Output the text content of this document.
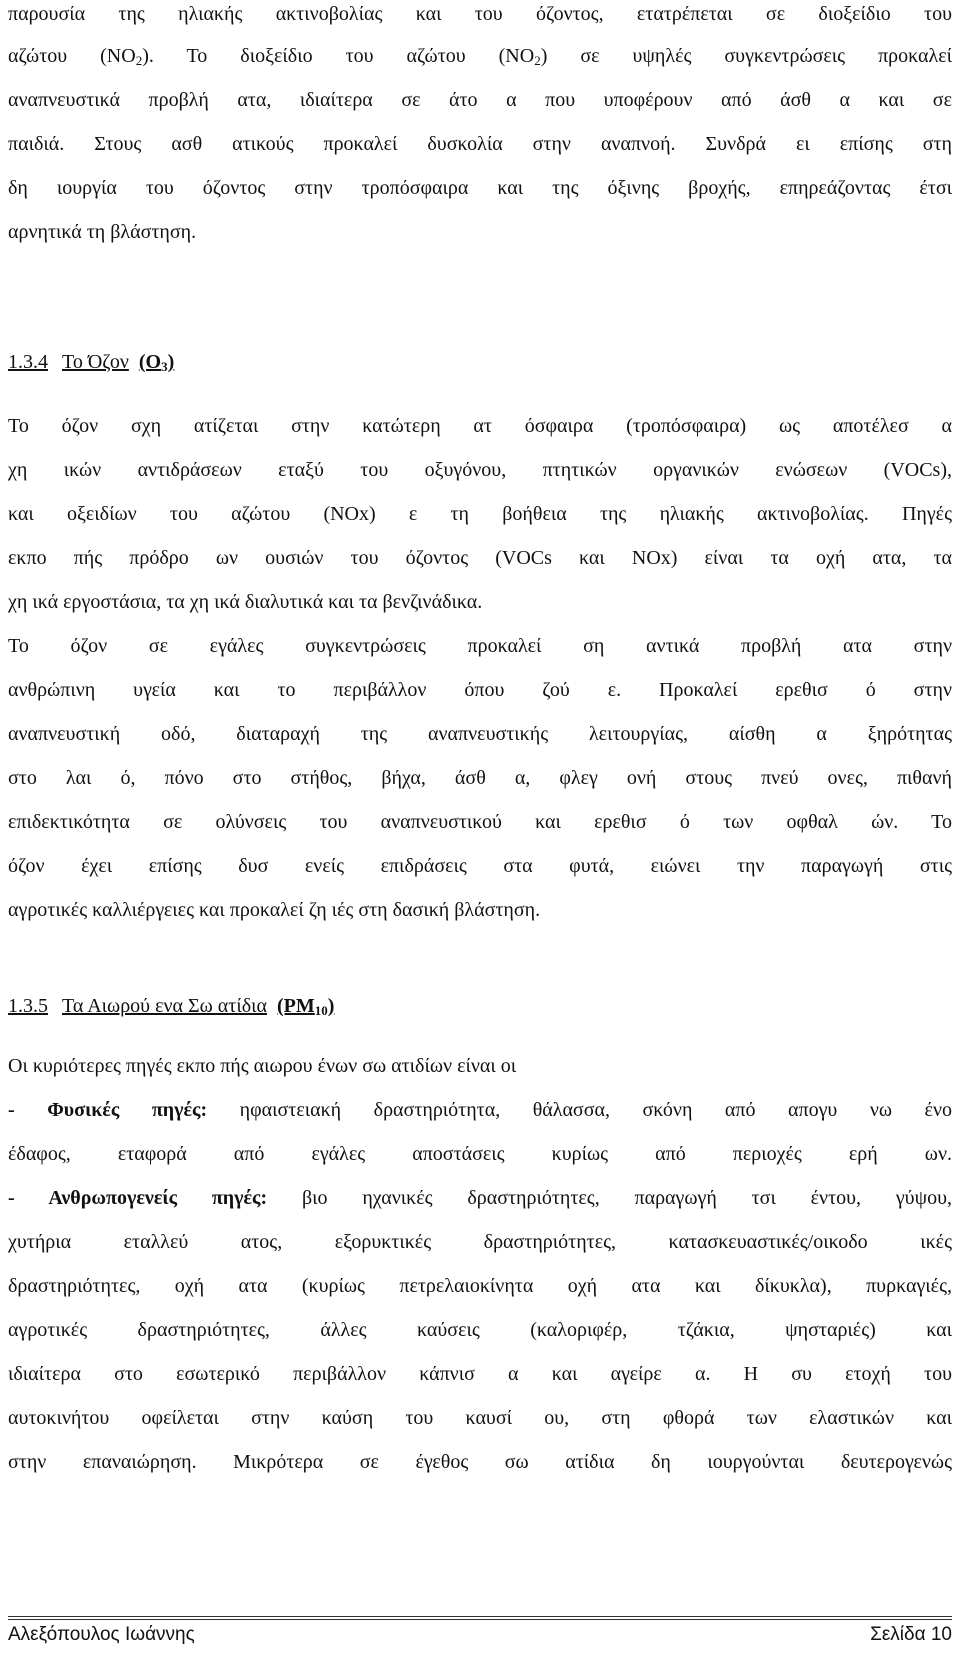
παρουσία της ηλιακής ακτινοβολίας και του όζοντος, ετατρέπεται σε διοξείδιο του
αζώτου $(NO_2)$. Το διοξείδιο του αζώτου $(NO_2)$ σε υψηλές συγκεντρώσεις προκαλεί
αναπνευστικά προβλή ατα, ιδιαίτερα σε άτο α που υποφέρουν από άσθ α και σε
παιδιά. Στους ασθ ατικούς προκαλεί δυσκολία στην αναπνοή. Συνδρά ει επίσης στη
δη ιουργία του όζοντος στην τροπόσφαιρα και της όξινης βροχής, επηρεάζοντας έτσι
αρνητικά τη βλάστηση.
1.3.4 Το Όζον $(O_3)$
Το όζον σχη ατίζεται στην κατώτερη ατ όσφαιρα (τροπόσφαιρα) ως αποτέλεσ α
χη ικών αντιδράσεων εταξύ του οξυγόνου, πτητικών οργανικών ενώσεων (VOCs),
και οξειδίων του αζώτου (NOx) ε τη βοήθεια της ηλιακής ακτινοβολίας. Πηγές
εκπο πής πρόδρο ων ουσιών του όζοντος (VOCs και NOx) είναι τα οχή ατα, τα
χη ικά εργοστάσια, τα χη ικά διαλυτικά και τα βενζινάδικα.
Το όζον σε εγάλες συγκεντρώσεις προκαλεί ση αντικά προβλή ατα στην
ανθρώπινη υγεία και το περιβάλλον όπου ζού ε. Προκαλεί ερεθισ ό στην
αναπνευστική οδό, διαταραχή της αναπνευστικής λειτουργίας, αίσθη α ξηρότητας
στο λαι ό, πόνο στο στήθος, βήχα, άσθ α, φλεγ ονή στους πνεύ ονες, πιθανή
επιδεκτικότητα σε ολύνσεις του αναπνευστικού και ερεθισ ό των οφθαλ ών. Το
όζον έχει επίσης δυσ ενείς επιδράσεις στα φυτά, ειώνει την παραγωγή στις
αγροτικές καλλιέργειες και προκαλεί ζη ιές στη δασική βλάστηση.
1.3.5 Τα Αιωρού ενα Σω ατίδια $(PM_{10})$
Οι κυριότερες πηγές εκπο πής αιωρου ένων σω ατιδίων είναι οι
- Φυσικές πηγές: ηφαιστειακή δραστηριότητα, θάλασσα, σκόνη από απογυ νω ένο
έδαφος, εταφορά από εγάλες αποστάσεις κυρίως από περιοχές ερή ων.
- Ανθρωπογενείς πηγές: βιο ηχανικές δραστηριότητες, παραγωγή τσι έντου, γύψου,
χυτήρια εταλλεύ ατος, εξορυκτικές δραστηριότητες, κατασκευαστικές/οικοδο ικές
δραστηριότητες, οχή ατα (κυρίως πετρελαιοκίνητα οχή ατα και δίκυκλα), πυρκαγιές,
αγροτικές δραστηριότητες, άλλες καύσεις (καλοριφέρ, τζάκια, ψησταριές) και
ιδιαίτερα στο εσωτερικό περιβάλλον κάπνισ α και αγείρε α. Η συ ετοχή του
αυτοκινήτου οφείλεται στην καύση του καυσί ου, στη φθορά των ελαστικών και
στην επαναιώρηση. Μικρότερα σε έγεθος σω ατίδια δη ιουργούνται δευτερογενώς
Αλεξόπουλος Ιωάννης	Σελίδα 10
